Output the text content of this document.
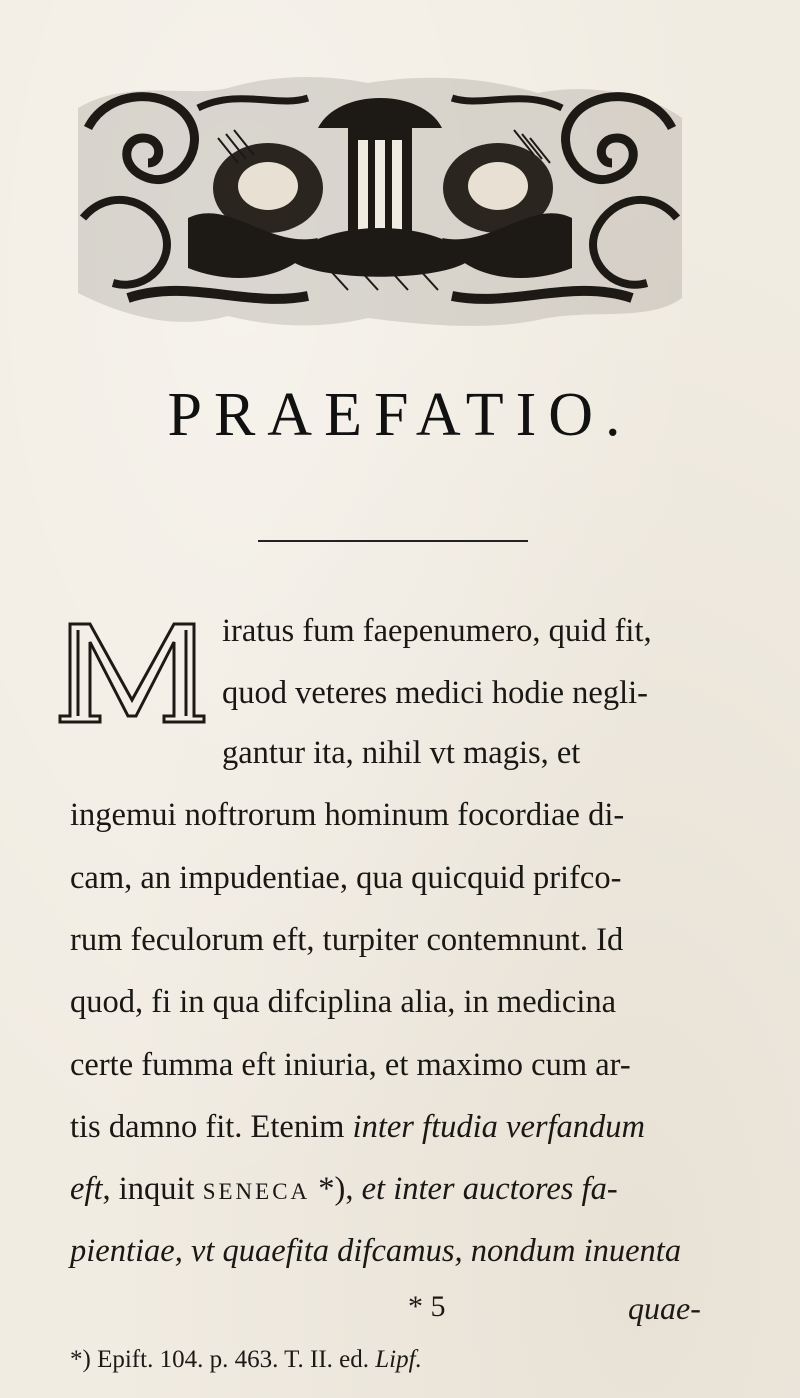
PRAEFATIO.
iratus fum faepenumero, quid fit,
quod veteres medici hodie negli-
gantur ita, nihil vt magis, et
ingemui noftrorum hominum focordiae di-
cam, an impudentiae, qua quicquid prifco-
rum feculorum eft, turpiter contemnunt. Id
quod, fi in qua difciplina alia, in medicina
certe fumma eft iniuria, et maximo cum ar-
tis damno fit. Etenim inter ftudia verfandum
eft, inquit seneca *), et inter auctores fa-
pientiae, vt quaefita difcamus, nondum inuenta
* 5	quae-
*) Epift. 104. p. 463. T. II. ed. Lipf.
